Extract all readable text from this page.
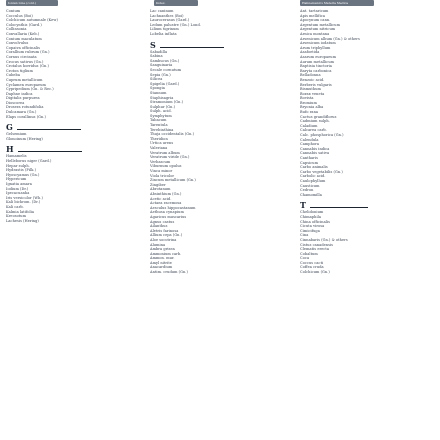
Ionian Line (cont.)
Conium
Cocculus (Boi)
Colchicum autumnale (Kew)
Colocynthis (Gard.)
Collinsonia
Convallaria (Keb.)
Conium maculatum
Convolvulus
Copaiva officinalis
Corallium rubrum (Gn.)
Cornus circinata
Crocus sativus (Gn.)
Crotalus horridus (Gn.)
Croton tiglium
Cubeba
Cuprum metallicum
Cyclamen europaeum
Cypripedium (Gn. & Rec.)
Daphne indica
Digitalis purpurea
Dioscorea
Drosera rotundifolia
Dulcamara (Gn.)
Elaps corallinus (Gn.)
G
Gelsemium
Glonoinum (Hering)
H
Hamamelis
Helleborus niger (Gard.)
Hepar sulph.
Hydrastis (Pilk.)
Hyoscyamus (Gn.)
Hypericum
Ignatia amara
Iodium (Dr.)
Ipecacuanha
Iris versicolor (Wh.)
Kali bichrom. (Dr.)
Kali carb.
Kalmia latifolia
Kreosotum
Lachesis (Hering)
Index.
Lac caninum
Lachnanthes (Boi)
Laurocerasus (Gard.)
Ledum palustre (Gn.) Lond.
Lilium tigrinum
Lobelia inflata
S
Sabadilla
Sabina
Sambucus (Gn.)
Sanguinaria
Secale cornutum
Sepia (Gn.)
Silicea
Spigelia (Gard.)
Spongia
Stannum
Staphisagria
Stramonium (Gn.)
Sulphur (Gn.)
Sulph. acid.
Symphytum
Tabacum
Tarentula
Terebinthina
Thuja occidentalis (Gn.)
Theridion
Urtica urens
Valeriana
Veratrum album
Veratrum viride (Gn.)
Verbascum
Viburnum opulus
Vinca minor
Viola tricolor
Zincum metallicum (Gn.)
Zingiber
Abrotanum
Absinthium (Gn.)
Acetic acid.
Actaea racemosa
Aesculus hippocastanum
Aethusa cynapium
Agaricus muscarius
Agnus castus
Ailanthus
Aletris farinosa
Allium cepa (Gn.)
Aloe socotrina
Alumina
Ambra grisea
Ammonium carb.
Ammon. mur.
Amyl nitrite
Anacardium
Antim. crudum (Gn.)
Hahnemann's Materia Medica
Ant. tartaricum
Apis mellifica
Apocynum cann.
Argentum metallicum
Argentum nitricum
Arnica montana
Arsenicum album (Gn.) & others
Arsenicum iodatum
Arum triphyllum
Asafoetida
Asarum europaeum
Aurum metallicum
Baptisia tinctoria
Baryta carbonica
Belladonna
Benzoic acid.
Berberis vulgaris
Bismuthum
Borax veneta
Bovista
Bromium
Bryonia alba
Bufo rana
Cactus grandiflorus
Cadmium sulph.
Caladium
Calcarea carb.
Calc. phosphorica (Gn.)
Calendula
Camphora
Cannabis indica
Cannabis sativa
Cantharis
Capsicum
Carbo animalis
Carbo vegetabilis (Gn.)
Carbolic acid.
Caulophyllum
Causticum
Cedron
Chamomilla
T
Chelidonium
Chimaphila
China officinalis
Cicuta virosa
Cimicifuga
Cina
Cinnabaris (Gn.) & others
Cistus canadensis
Clematis erecta
Cobaltum
Coca
Coccus cacti
Coffea cruda
Colchicum (Gn.)
